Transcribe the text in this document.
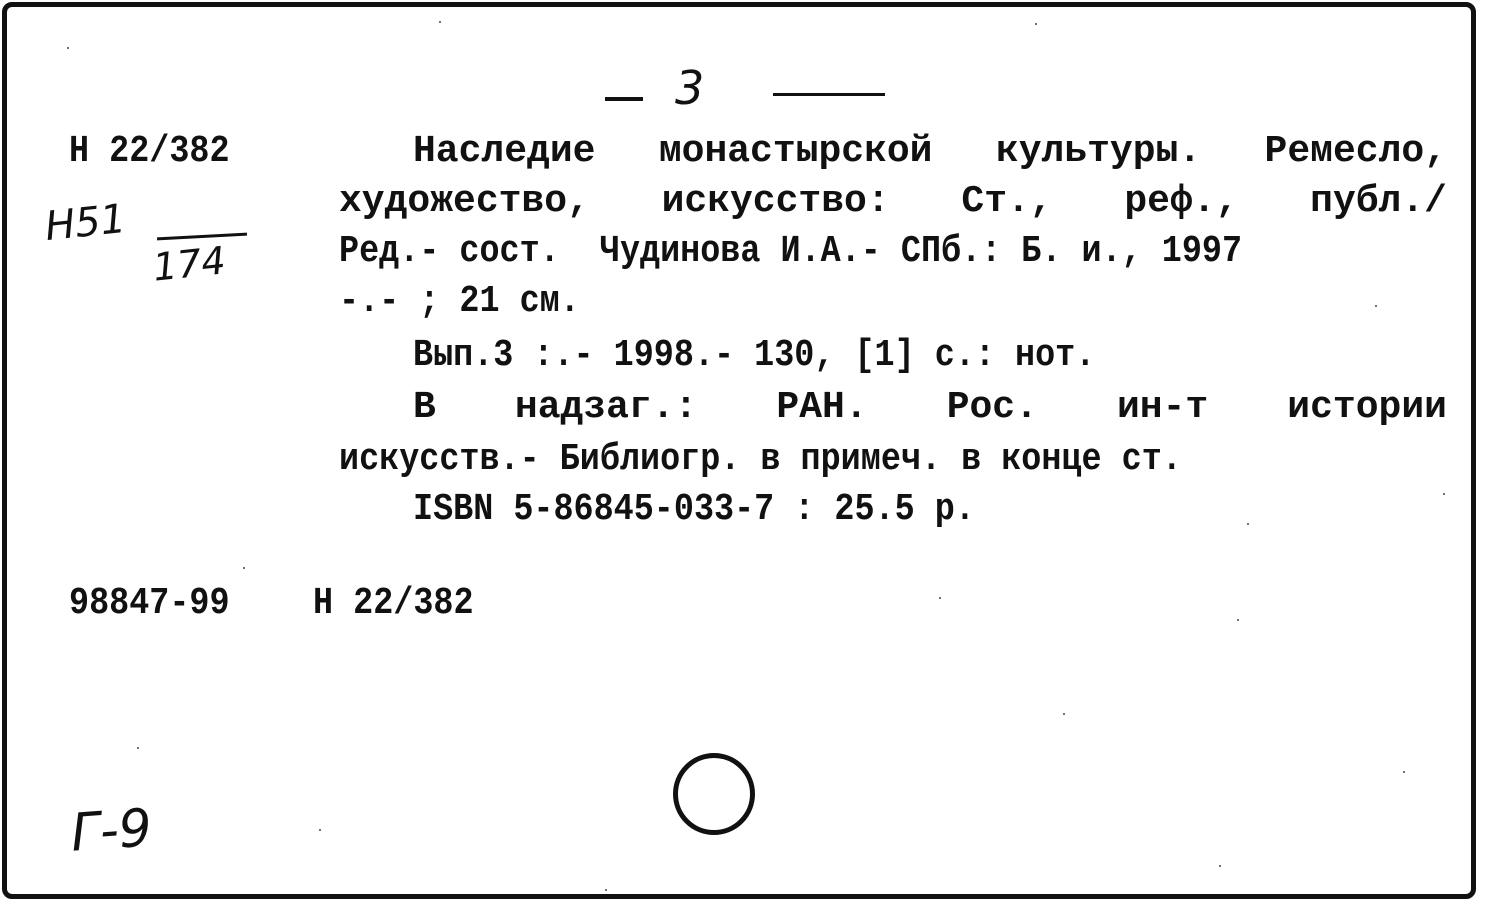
3

Н 22/382

Н51
174
Наследие монастырской культуры. Ремесло,
художество, искусство: Ст., реф., публ./

Ред.- сост.  Чудинова И.А.- СПб.: Б. и., 1997

-.- ; 21 см.

Вып.3 :.- 1998.- 130, [1] с.: нот.

В надзаг.: РАН. Рос. ин-т истории

искусств.- Библиогр. в примеч. в конце ст.

ISBN 5-86845-033-7 : 25.5 р.

98847-99 Н 22/382

Г-9
